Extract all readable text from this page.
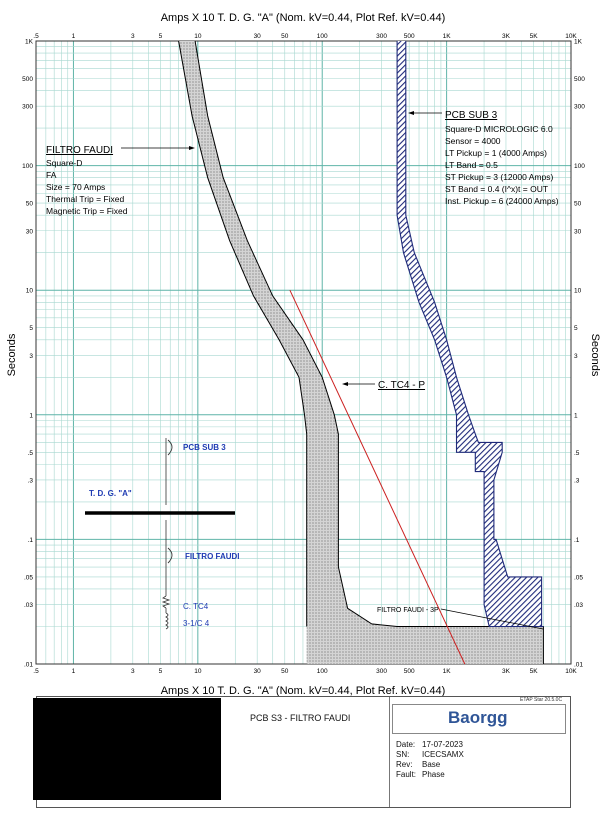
.5
.5
1
1
3
3
5
5
10
10
30
30
50
50
100
100
300
300
500
500
1K
1K
3K
3K
5K
5K
10K
10K
1K	1K
500	500
300	300
100	100
50	50
30	30
10	10
5	5
3	3
1	1
.5	.5
.3	.3
.1	.1
.05	.05
.03	.03
.01	.01
Amps X 10 T. D. G. "A" (Nom. kV=0.44, Plot Ref. kV=0.44)
Amps X 10 T. D. G. "A" (Nom. kV=0.44, Plot Ref. kV=0.44)
Seconds	Seconds
FILTRO FAUDI
Square-D
FA
Size = 70 Amps
Thermal Trip = Fixed
Magnetic Trip = Fixed
PCB SUB 3
Square-D MICROLOGIC 6.0
Sensor = 4000
LT Pickup = 1 (4000 Amps)
LT Band = 0.5
ST Pickup = 3 (12000 Amps)
ST Band = 0.4 (I^x)t = OUT
Inst. Pickup = 6 (24000 Amps)
C. TC4 - P
FILTRO FAUDI - 3P
T. D. G. "A"
PCB SUB 3
FILTRO FAUDI
C. TC4
3-1/C 4
ETAP Star 20.5.0C
PCB S3 - FILTRO FAUDI	Baorgg
Date: 17-07-2023
SN: ICECSAMX
Rev: Base
Fault: Phase
